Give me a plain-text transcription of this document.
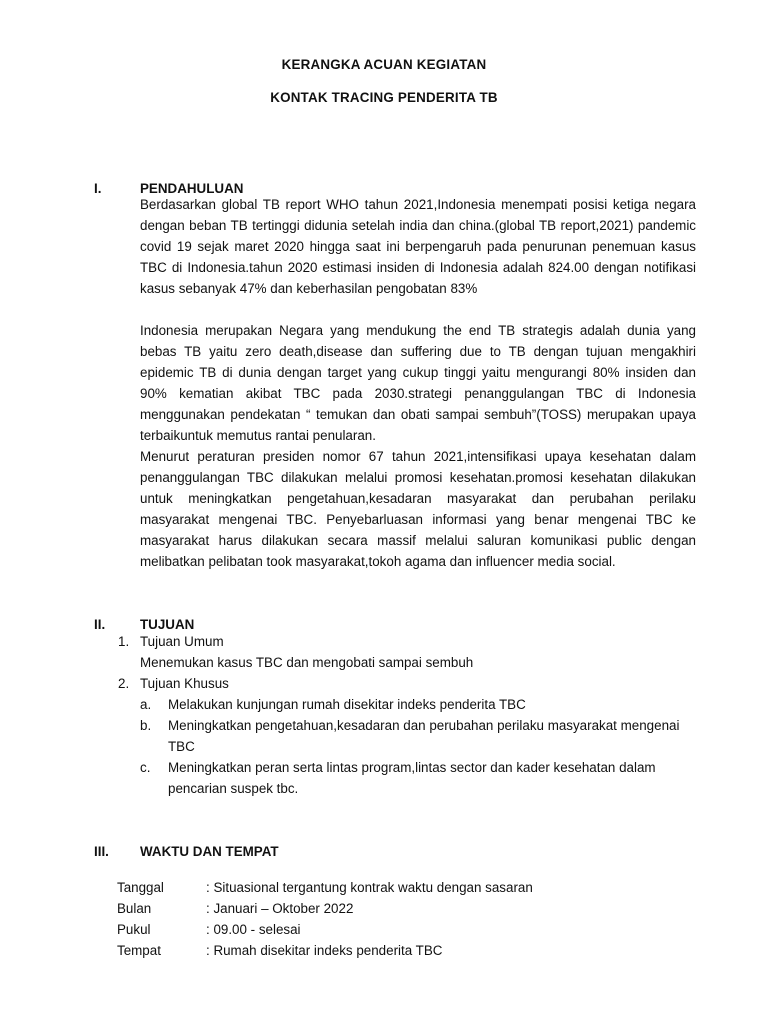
KERANGKA ACUAN KEGIATAN
KONTAK TRACING PENDERITA TB
I.	PENDAHULUAN

Berdasarkan global TB report WHO tahun 2021,Indonesia menempati posisi ketiga negara dengan beban TB tertinggi didunia setelah india dan china.(global TB report,2021) pandemic covid 19 sejak maret 2020 hingga saat ini berpengaruh pada penurunan penemuan kasus TBC di Indonesia.tahun 2020 estimasi insiden di Indonesia adalah 824.00 dengan notifikasi kasus sebanyak 47% dan keberhasilan pengobatan 83%

Indonesia merupakan Negara yang mendukung the end TB strategis adalah dunia yang bebas TB yaitu zero death,disease dan suffering due to TB dengan tujuan mengakhiri epidemic TB di dunia dengan target yang cukup tinggi yaitu mengurangi 80% insiden dan 90% kematian akibat TBC pada 2030.strategi penanggulangan TBC di Indonesia menggunakan pendekatan “ temukan dan obati sampai sembuh”(TOSS) merupakan upaya terbaikuntuk memutus rantai penularan.

Menurut peraturan presiden nomor 67 tahun 2021,intensifikasi upaya kesehatan dalam penanggulangan TBC dilakukan melalui promosi kesehatan.promosi kesehatan dilakukan untuk meningkatkan pengetahuan,kesadaran masyarakat dan perubahan perilaku masyarakat mengenai TBC. Penyebarluasan informasi yang benar mengenai TBC ke masyarakat harus dilakukan secara massif melalui saluran komunikasi public dengan melibatkan pelibatan took masyarakat,tokoh agama dan influencer media social.

II.	TUJUAN
1. Tujuan Umum
Menemukan kasus TBC dan mengobati sampai sembuh
2. Tujuan Khusus
a. Melakukan kunjungan rumah disekitar indeks penderita TBC

b. Meningkatkan pengetahuan,kesadaran dan perubahan perilaku masyarakat mengenai TBC

c. Meningkatkan peran serta lintas program,lintas sector dan kader kesehatan dalam pencarian suspek tbc.

III. WAKTU DAN TEMPAT
Tanggal	: Situasional tergantung kontrak waktu dengan sasaran
Bulan	: Januari – Oktober 2022
Pukul	: 09.00 - selesai
Tempat	: Rumah disekitar indeks penderita TBC
